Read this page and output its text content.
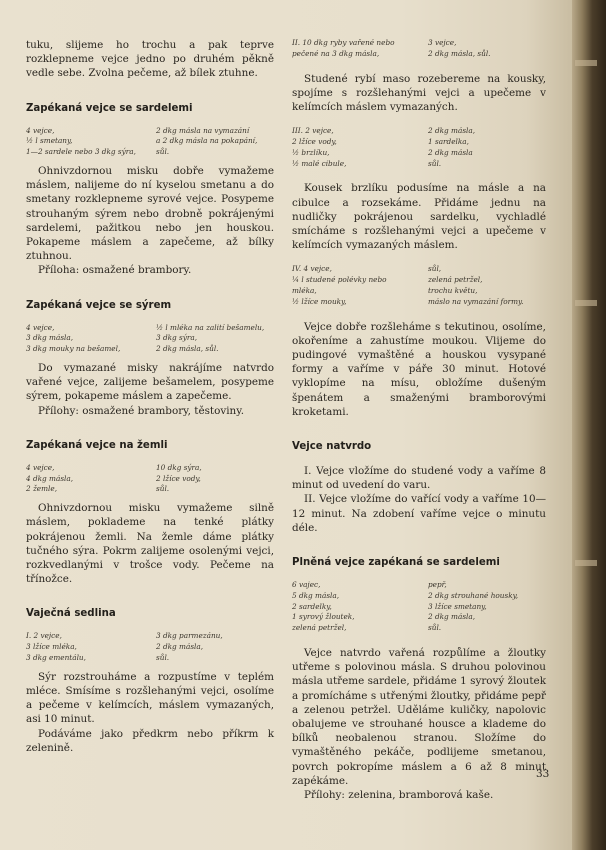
tuku, slijeme ho trochu a pak teprve rozklepneme vejce jedno po druhém pěkně vedle sebe. Zvolna pečeme, až bílek ztuhne.

Zapékaná vejce se sardelemi
4 vejce,
½ l smetany,
1—2 sardele nebo 3 dkg sýra,
2 dkg másla na vymazání
a 2 dkg másla na pokapání,
sůl.

Ohnivzdornou misku dobře vymažeme máslem, nalijeme do ní kyselou smetanu a do smetany rozklepneme syrové vejce. Posypeme strouhaným sýrem nebo drobně pokrájenými sardelemi, pažitkou nebo jen houskou. Pokapeme máslem a zapečeme, až bílky ztuhnou.

Příloha: osmažené brambory.

Zapékaná vejce se sýrem
4 vejce,
3 dkg másla,
3 dkg mouky na bešamel,
½ l mléka na zalití bešamelu,
3 dkg sýra,
2 dkg másla, sůl.

Do vymazané misky nakrájíme natvrdo vařené vejce, zalijeme bešamelem, posypeme sýrem, pokapeme máslem a zapečeme.

Přílohy: osmažené brambory, těstoviny.

Zapékaná vejce na žemli
4 vejce,
4 dkg másla,
2 žemle,
10 dkg sýra,
2 lžíce vody,
sůl.

Ohnivzdornou misku vymažeme silně máslem, poklademe na tenké plátky pokrájenou žemli. Na žemle dáme plátky tučného sýra. Pokrm zalijeme osolenými vejci, rozkvedlanými v trošce vody. Pečeme na třínožce.

Vaječná sedlina
I. 2 vejce,
3 lžíce mléka,
3 dkg ementálu,
3 dkg parmezánu,
2 dkg másla,
sůl.

Sýr rozstrouháme a rozpustíme v teplém mléce. Smísíme s rozšlehanými vejci, osolíme a pečeme v kelímcích, máslem vymazaných, asi 10 minut.

Podáváme jako předkrm nebo příkrm k zelenině.

II. 10 dkg ryby vařené nebo
pečené na 3 dkg másla,
3 vejce,
2 dkg másla, sůl.

Studené rybí maso rozebereme na kousky, spojíme s rozšlehanými vejci a upečeme v kelímcích máslem vymazaných.

III. 2 vejce,
2 lžíce vody,
½ brzlíku,
½ malé cibule,
2 dkg másla,
1 sardelka,
2 dkg másla
sůl.

Kousek brzlíku podusíme na másle a na cibulce a rozsekáme. Přidáme jednu na nudličky pokrájenou sardelku, vychladlé smícháme s rozšlehanými vejci a upečeme v kelímcích vymazaných máslem.

IV. 4 vejce,
¼ l studené polévky nebo
mléka,
½ lžíce mouky,
sůl,
zelená petržel,
trochu květu,
máslo na vymazání formy.

Vejce dobře rozšleháme s tekutinou, osolíme, okořeníme a zahustíme moukou. Vlijeme do pudingové vymaštěné a houskou vysypané formy a vaříme v páře 30 minut. Hotové vyklopíme na mísu, obložíme dušeným špenátem a smaženými bramborovými kroketami.

Vejce natvrdo

I. Vejce vložíme do studené vody a vaříme 8 minut od uvedení do varu.

II. Vejce vložíme do vařící vody a vaříme 10—12 minut. Na zdobení vaříme vejce o minutu déle.

Plněná vejce zapékaná se sardelemi
6 vajec,
5 dkg másla,
2 sardelky,
1 syrový žloutek,
zelená petržel,
pepř,
2 dkg strouhané housky,
3 lžíce smetany,
2 dkg másla,
sůl.

Vejce natvrdo vařená rozpůlíme a žloutky utřeme s polovinou másla. S druhou polovinou másla utřeme sardele, přidáme 1 syrový žloutek a promícháme s utřenými žloutky, přidáme pepř a zelenou petržel. Uděláme kuličky, napolovic obalujeme ve strouhané housce a klademe do bílků neobalenou stranou. Složíme do vymaštěného pekáče, podlijeme smetanou, povrch pokropíme máslem a 6 až 8 minut zapékáme.

Přílohy: zelenina, bramborová kaše.

33
